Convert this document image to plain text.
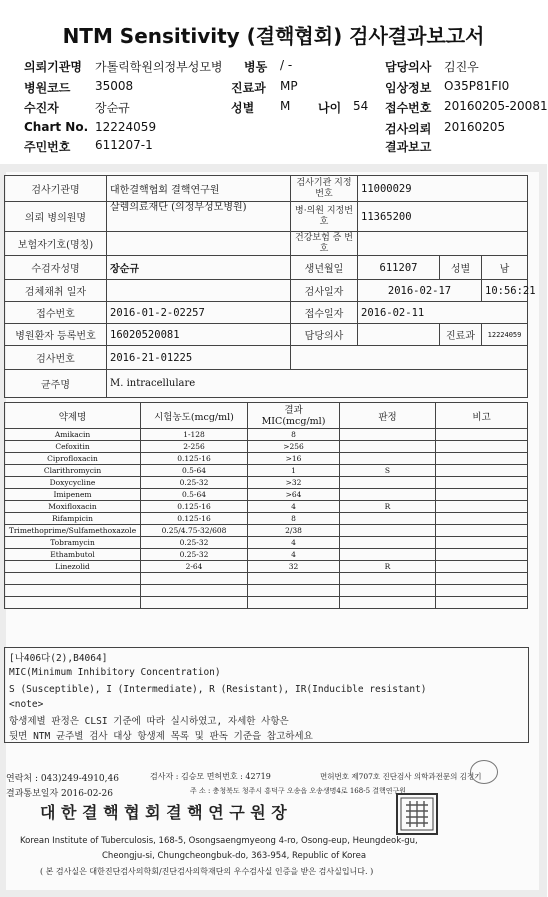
NTM Sensitivity (결핵협회) 검사결과보고서
의뢰기관명 가톨릭학원의정부성모병 병동 / -	담당의사 김진우
병원코드 35008	진료과 MP	임상정보 O35P81FI0
수진자	장순규	성별 M 나이 54 접수번호 20160205-20081
Chart No. 12224059	검사의뢰 20160205
주민번호 611207-1	결과보고
검사기관명	대한결핵협회 결핵연구원	검사기관 지정번호	11000029		
의뢰 병의원명	살렘의료재단 (의정부성모병원)	병·의원 지정번호	11365200		
보험자기호(명칭)		건강보험 증 번호			
수검자성명	장순규	생년월일	611207	성별	남
검체채취 일자		검사일자	2016-02-17		10:56:21
접수번호	2016-01-2-02257	접수일자	2016-02-11		
병원환자 등록번호	16020520081	담당의사		진료과	12224059
검사번호	2016-21-01225				
균주명	M. intracellulare				
약제명	시험농도(mcg/ml)	결과 MIC(mcg/ml)	판정	비고
Amikacin	1-128	8		
Cefoxitin	2-256	>256		
Ciprofloxacin	0.125-16	>16		
Clarithromycin	0.5-64	1	S	
Doxycycline	0.25-32	>32		
Imipenem	0.5-64	>64		
Moxifloxacin	0.125-16	4	R	
Rifampicin	0.125-16	8		
Trimethoprime/Sulfamethoxazole	0.25/4.75-32/608	2/38		
Tobramycin	0.25-32	4		
Ethambutol	0.25-32	4		
Linezolid	2-64	32	R	

[나406다(2),B4064]
MIC(Minimum Inhibitory Concentration)
S (Susceptible), I (Intermediate), R (Resistant), IR(Inducible resistant)
<note>
항생제별 판정은 CLSI 기준에 따라 실시하였고, 자세한 사항은
뒷면 NTM 균주별 검사 대상 항생제 목록 및 판독 기준을 참고하세요
연락처 : 043)249-4910,46	검사자 : 김승모 면허번호 : 42719	면허번호 제707호 진단검사 의학과전문의 김정기
결과통보일자 2016-02-26	주 소 : 충청북도 청주시 흥덕구 오송읍 오송생명4로 168-5 결핵연구원
대 한 결 핵 협 회 결 핵 연 구 원 장
Korean Institute of Tuberculosis, 168-5, Osongsaengmyeong 4-ro, Osong-eup, Heungdeok-gu,
Cheongju-si, Chungcheongbuk-do, 363-954, Republic of Korea
( 본 검사실은 대한진단검사의학회/진단검사의학재단의 우수검사실 인증을 받은 검사실입니다. )
